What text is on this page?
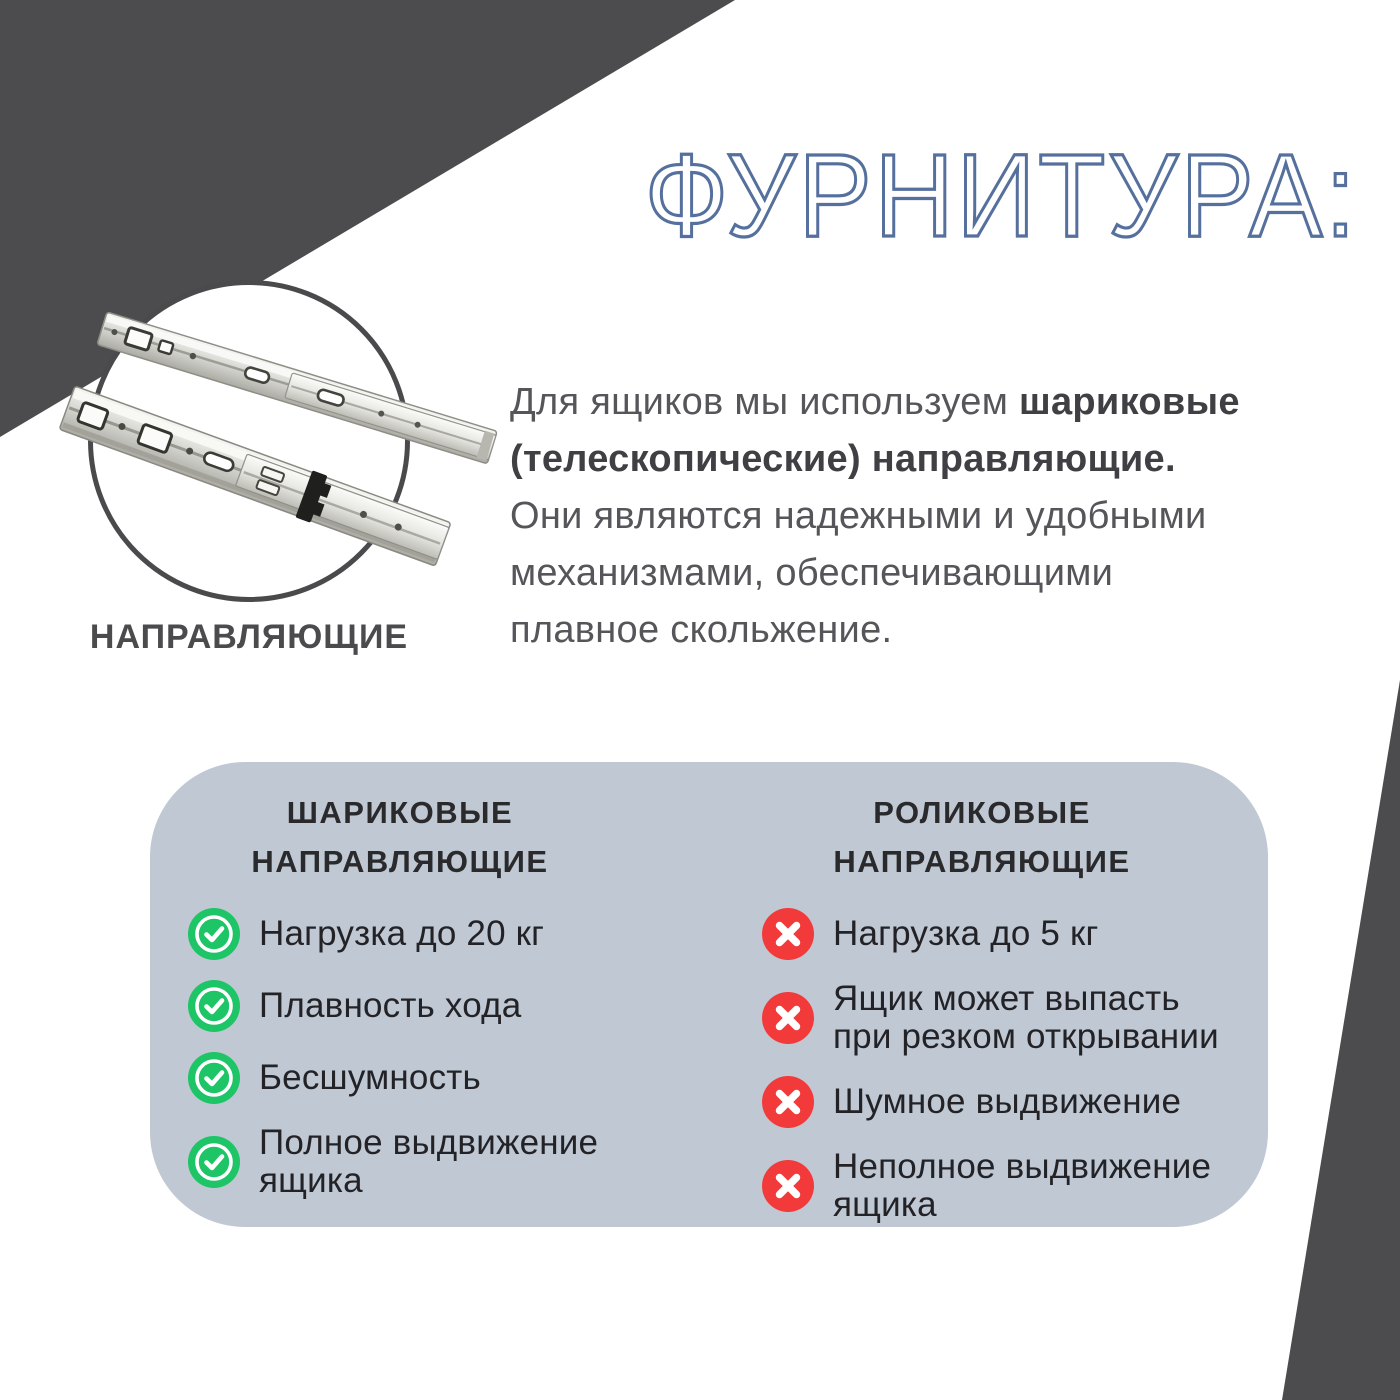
ФУРНИТУРА:
НАПРАВЛЯЮЩИЕ
Для ящиков мы используем шариковые
(телескопические) направляющие.
Они являются надежными и удобными
механизмами, обеспечивающими
плавное скольжение.
ШАРИКОВЫЕ
НАПРАВЛЯЮЩИЕ
Нагрузка до 20 кг
Плавность хода
Бесшумность
Полное выдвижение
ящика
РОЛИКОВЫЕ
НАПРАВЛЯЮЩИЕ
Нагрузка до 5 кг
Ящик может выпасть
при резком открывании
Шумное выдвижение
Неполное выдвижение
ящика
